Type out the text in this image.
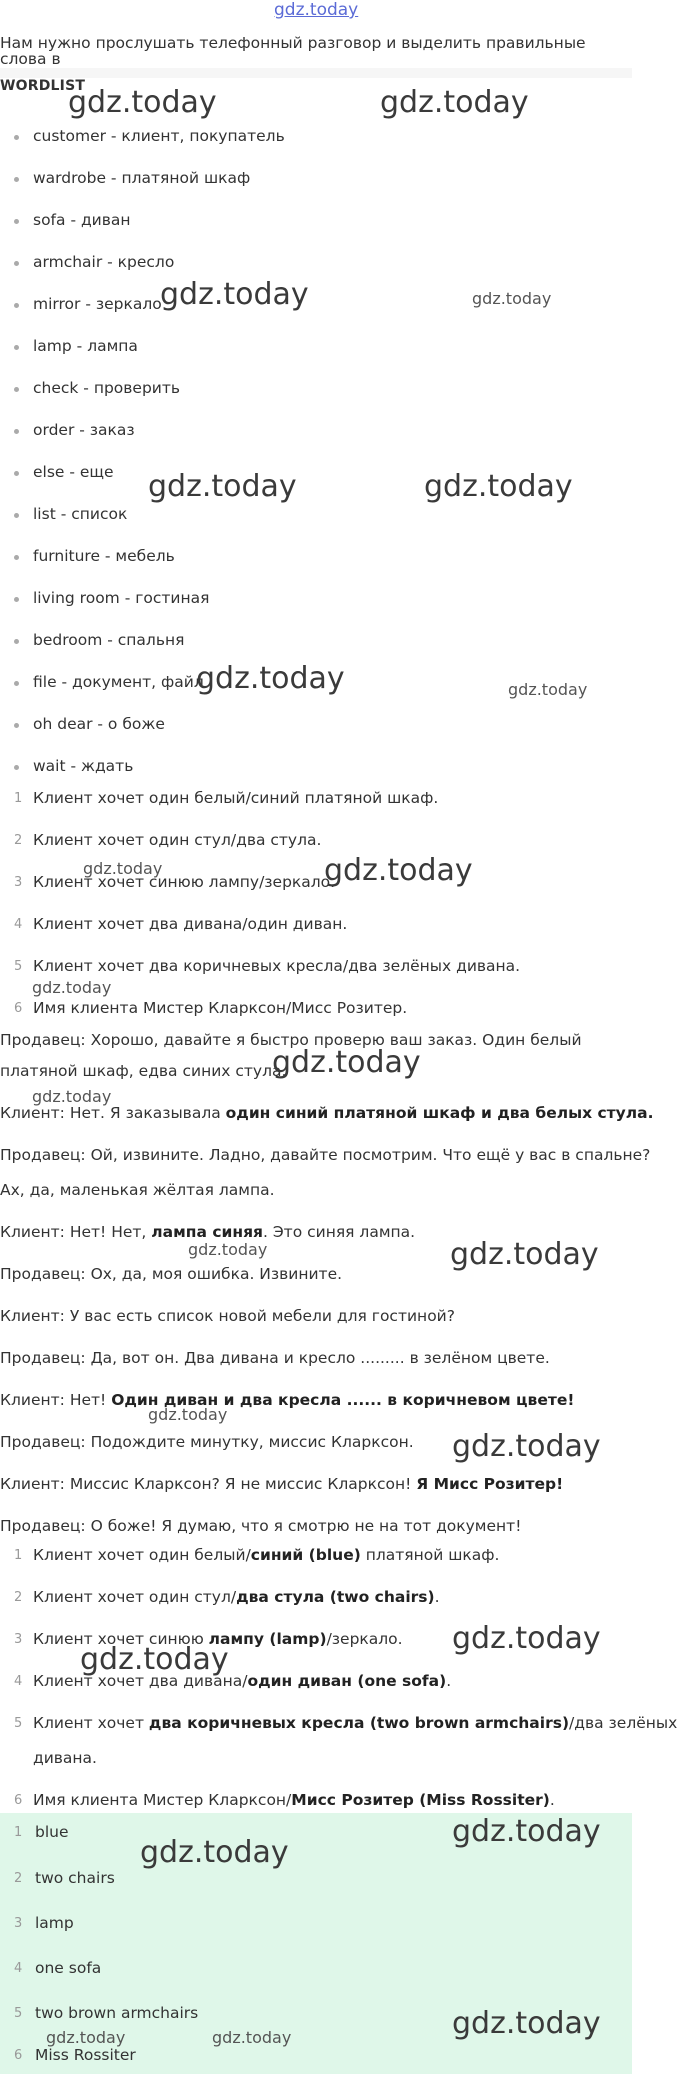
gdz.today
Нам нужно прослушать телефонный разговор и выделить правильные слова в
WORDLIST
customer - клиент, покупатель
wardrobe - платяной шкаф
sofa - диван
armchair - кресло
mirror - зеркало
lamp - лампа
check - проверить
order - заказ
else - еще
list - список
furniture - мебель
living room - гостиная
bedroom - спальня
file - документ, файл
oh dear - о боже
wait - ждать
1 Клиент хочет один белый/синий платяной шкаф.
2 Клиент хочет один стул/два стула.
3 Клиент хочет синюю лампу/зеркало.
4 Клиент хочет два дивана/один диван.
5 Клиент хочет два коричневых кресла/два зелёных дивана.
6 Имя клиента Мистер Кларксон/Мисс Розитер.
Продавец: Хорошо, давайте я быстро проверю ваш заказ. Один белый
платяной шкаф, едва синих стула.
Клиент: Нет. Я заказывала один синий платяной шкаф и два белых стула.
Продавец: Ой, извините. Ладно, давайте посмотрим. Что ещё у вас в спальне?
Ах, да, маленькая жёлтая лампа.
Клиент: Нет! Нет, лампа синяя. Это синяя лампа.
Продавец: Ох, да, моя ошибка. Извините.
Клиент: У вас есть список новой мебели для гостиной?
Продавец: Да, вот он. Два дивана и кресло ......... в зелёном цвете.
Клиент: Нет! Один диван и два кресла ...... в коричневом цвете!
Продавец: Подождите минутку, миссис Кларксон.
Клиент: Миссис Кларксон? Я не миссис Кларксон! Я Мисс Розитер!
Продавец: О боже! Я думаю, что я смотрю не на тот документ!
1 Клиент хочет один белый/синий (blue) платяной шкаф.
2 Клиент хочет один стул/два стула (two chairs).
3 Клиент хочет синюю лампу (lamp)/зеркало.
4 Клиент хочет два дивана/один диван (one sofa).
5 Клиент хочет два коричневых кресла (two brown armchairs)/два зелёных
дивана.
6 Имя клиента Мистер Кларксон/Мисс Розитер (Miss Rossiter).
1 blue
2 two chairs
3 lamp
4 one sofa
5 two brown armchairs
6 Miss Rossiter
gdz.today	gdz.today
gdz.today	gdz.today
gdz.today	gdz.today
gdz.today	gdz.today
gdz.today	gdz.today
gdz.today
gdz.today
gdz.today
gdz.today	gdz.today
gdz.today
gdz.today
gdz.today
gdz.today
gdz.today
gdz.today
gdz.today
gdz.today	gdz.today
